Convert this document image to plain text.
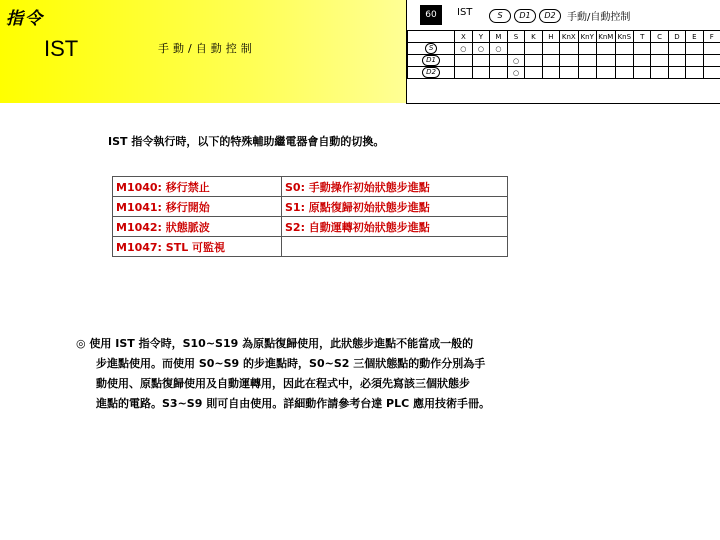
指令
IST	手動/自動控制
60	IST	S	D1	D2	手動/自動控制
	X	Y	M	S	K	H	KnX	KnY	KnM	KnS	T	C	D	E	F
S	○	○	○												
D1				○											
D2				○											
IST 指令執行時，以下的特殊輔助繼電器會自動的切換。
M1040: 移行禁止	S0: 手動操作初始狀態步進點
M1041: 移行開始	S1: 原點復歸初始狀態步進點
M1042: 狀態脈波	S2: 自動運轉初始狀態步進點
M1047: STL 可監視	
◎ 使用 IST 指令時，S10~S19 為原點復歸使用，此狀態步進點不能當成一般的
步進點使用。而使用 S0~S9 的步進點時，S0~S2 三個狀態點的動作分別為手
動使用、原點復歸使用及自動運轉用，因此在程式中，必須先寫該三個狀態步
進點的電路。S3~S9 則可自由使用。詳細動作請參考台達 PLC 應用技術手冊。
